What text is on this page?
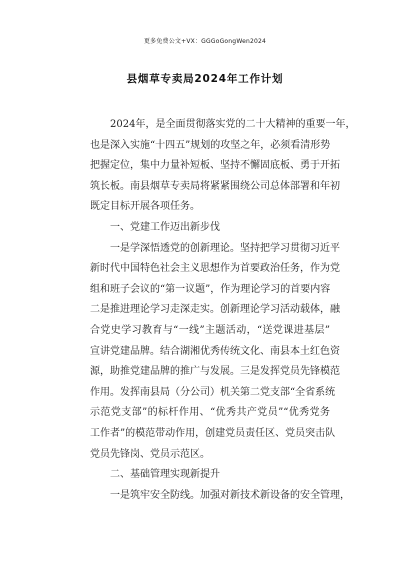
更多免费公文+VX：GGGoGongWen2024
县烟草专卖局2024年工作计划
2024年，是全面贯彻落实党的二十大精神的重要一年，
也是深入实施“十四五”规划的攻坚之年，必须看清形势
把握定位，集中力量补短板、坚持不懈固底板、勇于开拓
筑长板。南县烟草专卖局将紧紧围绕公司总体部署和年初
既定目标开展各项任务。
一、党建工作迈出新步伐
一是学深悟透党的创新理论。坚持把学习贯彻习近平
新时代中国特色社会主义思想作为首要政治任务，作为党
组和班子会议的“第一议题”，作为理论学习的首要内容
二是推进理论学习走深走实。创新理论学习活动载体，融
合党史学习教育与“一线”主题活动，“送党课进基层”
宣讲党建品牌。结合湖湘优秀传统文化、南县本土红色资
源，助推党建品牌的推广与发展。三是发挥党员先锋模范
作用。发挥南县局（分公司）机关第二党支部“全省系统
示范党支部”的标杆作用、“优秀共产党员”“优秀党务
工作者”的模范带动作用，创建党员责任区、党员突击队
党员先锋岗、党员示范区。
二、基础管理实现新提升
一是筑牢安全防线。加强对新技术新设备的安全管理，
